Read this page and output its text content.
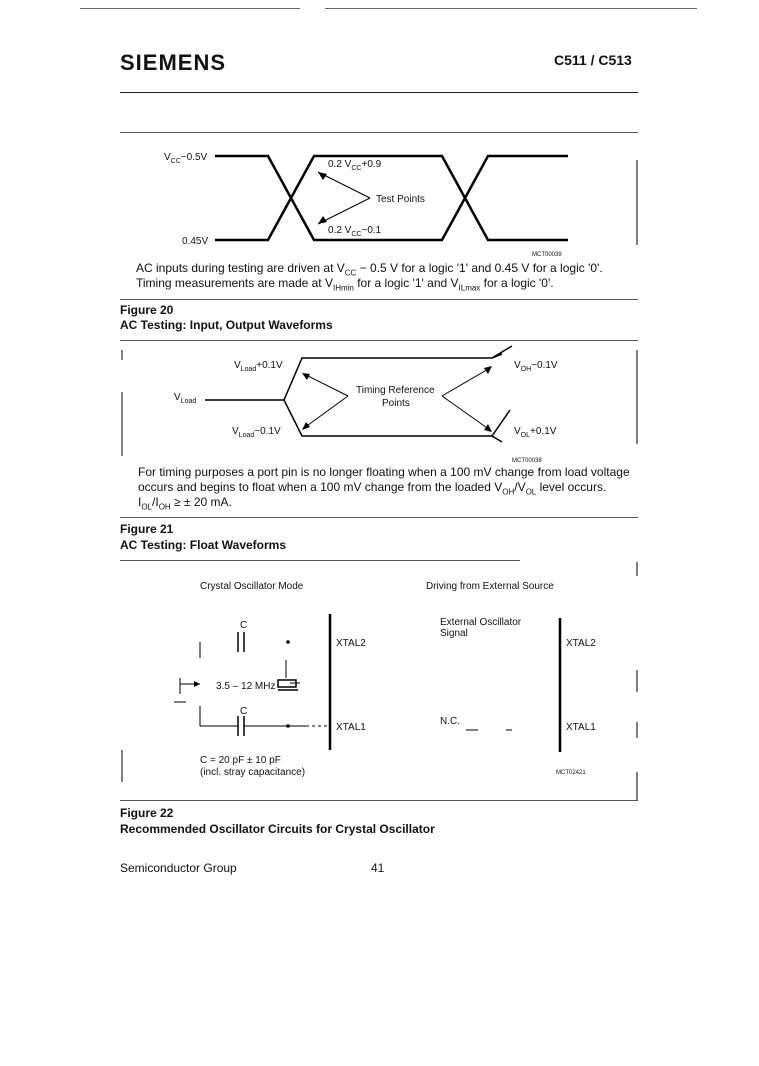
SIEMENS	C511 / C513
$V_{CC}-0.5V$
0.45V
0.2 $V_{CC}+0.9$
0.2 $V_{CC}-0.1$
Test Points
MCT00039
AC inputs during testing are driven at $V_{CC} - 0.5$ V for a logic '1' and 0.45 V for a logic '0'.
Timing measurements are made at $V_{IHmin}$ for a logic '1' and $V_{ILmax}$ for a logic '0'.
Figure 20
AC Testing: Input, Output Waveforms
$V_{Load}+0.1V$
$V_{Load}$
$V_{Load}-0.1V$
$V_{OH}-0.1V$
$V_{OL}+0.1V$
Timing Reference
Points
MCT00038
For timing purposes a port pin is no longer floating when a 100 mV change from load voltage
occurs and begins to float when a 100 mV change from the loaded $V_{OH}/V_{OL}$ level occurs.
$I_{OL}/I_{OH}$ ≥ ± 20 mA.
Figure 21
AC Testing: Float Waveforms
Crystal Oscillator Mode	Driving from External Source
XTAL2
XTAL1
C
3.5 – 12 MHz
C
XTAL2
XTAL1
External Oscillator
Signal
N.C.
C = 20 pF ± 10 pF
(incl. stray capacitance)	MCT02421
Figure 22
Recommended Oscillator Circuits for Crystal Oscillator
Semiconductor Group	41
